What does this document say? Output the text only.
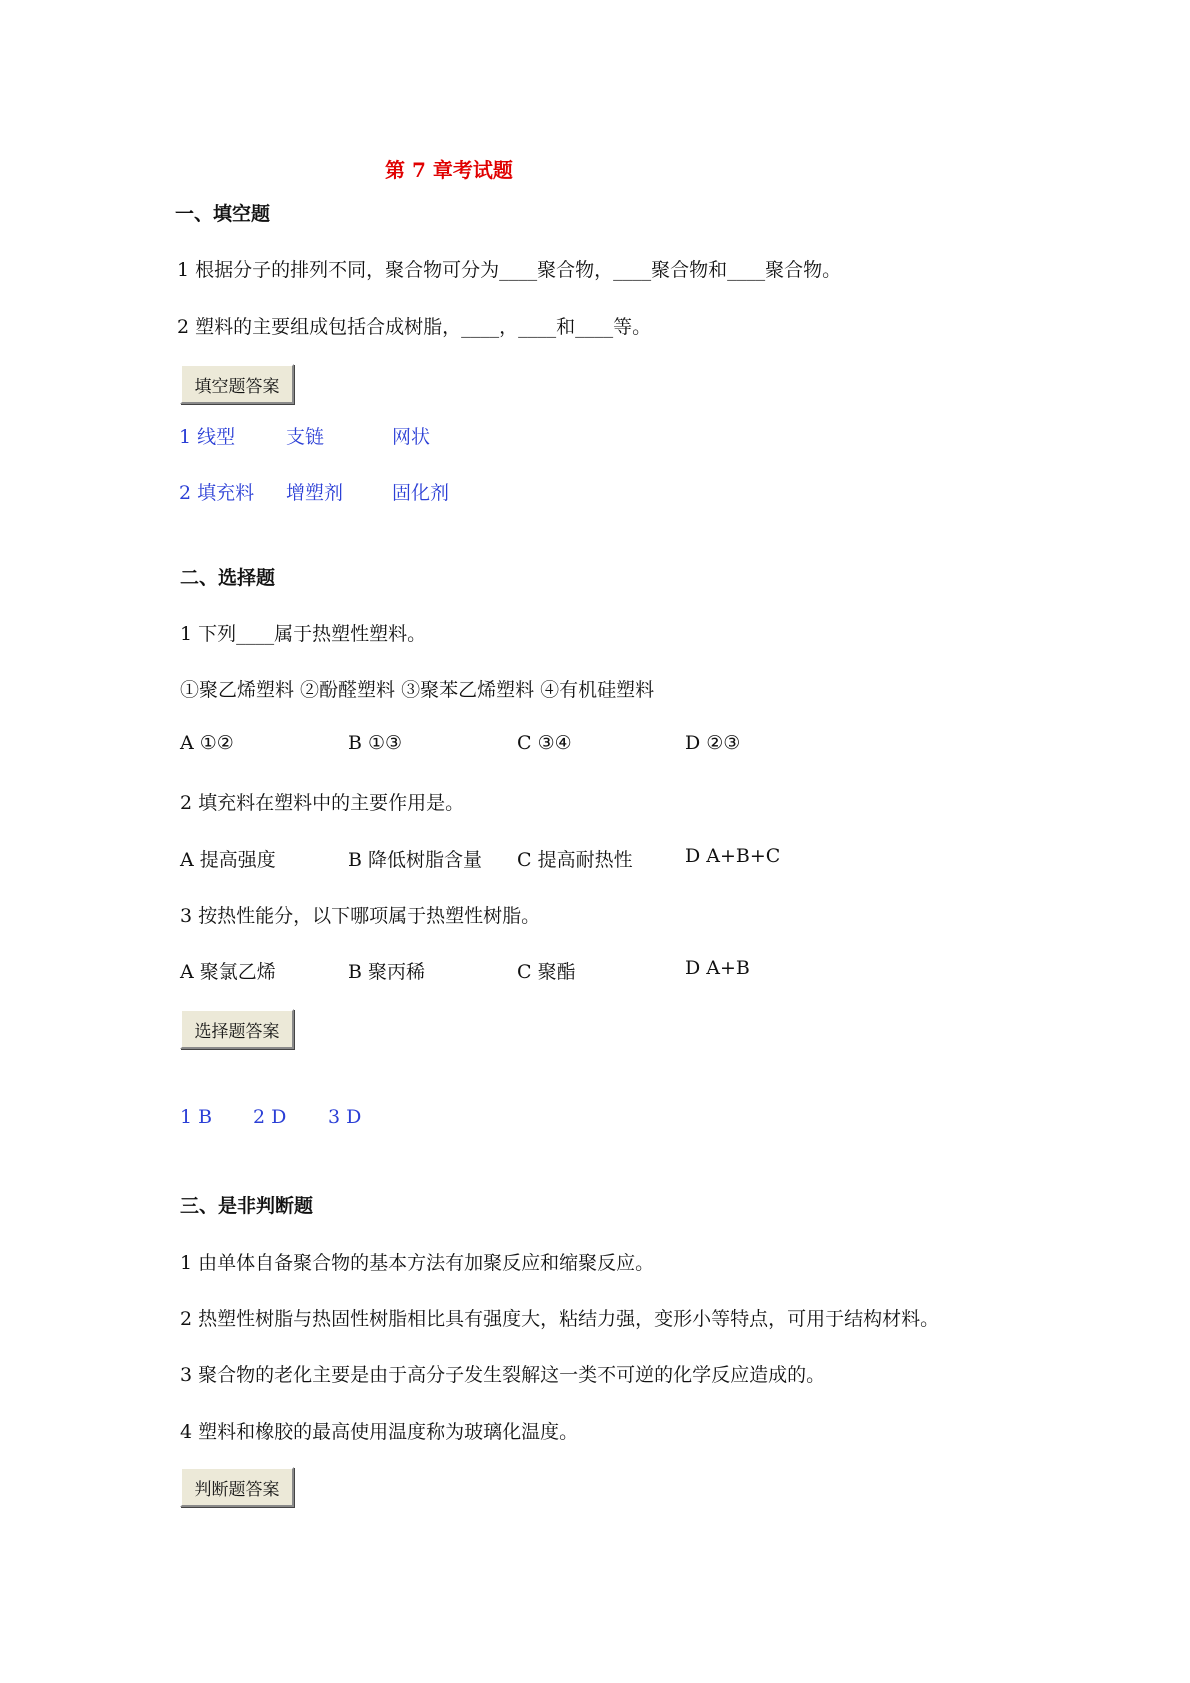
第 7 章考试题
一、填空题
1 根据分子的排列不同，聚合物可分为____聚合物，____聚合物和____聚合物。
2 塑料的主要组成包括合成树脂，____，____和____等。
填空题答案
1 线型	支链	网状
2 填充料 增塑剂	固化剂
二、选择题
1 下列____属于热塑性塑料。
①聚乙烯塑料 ②酚醛塑料 ③聚苯乙烯塑料 ④有机硅塑料
A ①②	B ①③	C ③④	D ②③
2 填充料在塑料中的主要作用是。
A 提高强度	B 降低树脂含量 C 提高耐热性	D A+B+C
3 按热性能分，以下哪项属于热塑性树脂。
A 聚氯乙烯	B 聚丙稀	C 聚酯	D A+B
选择题答案
1 B 2 D 3 D
三、是非判断题
1 由单体自备聚合物的基本方法有加聚反应和缩聚反应。
2 热塑性树脂与热固性树脂相比具有强度大，粘结力强，变形小等特点，可用于结构材料。
3 聚合物的老化主要是由于高分子发生裂解这一类不可逆的化学反应造成的。
4 塑料和橡胶的最高使用温度称为玻璃化温度。
判断题答案
